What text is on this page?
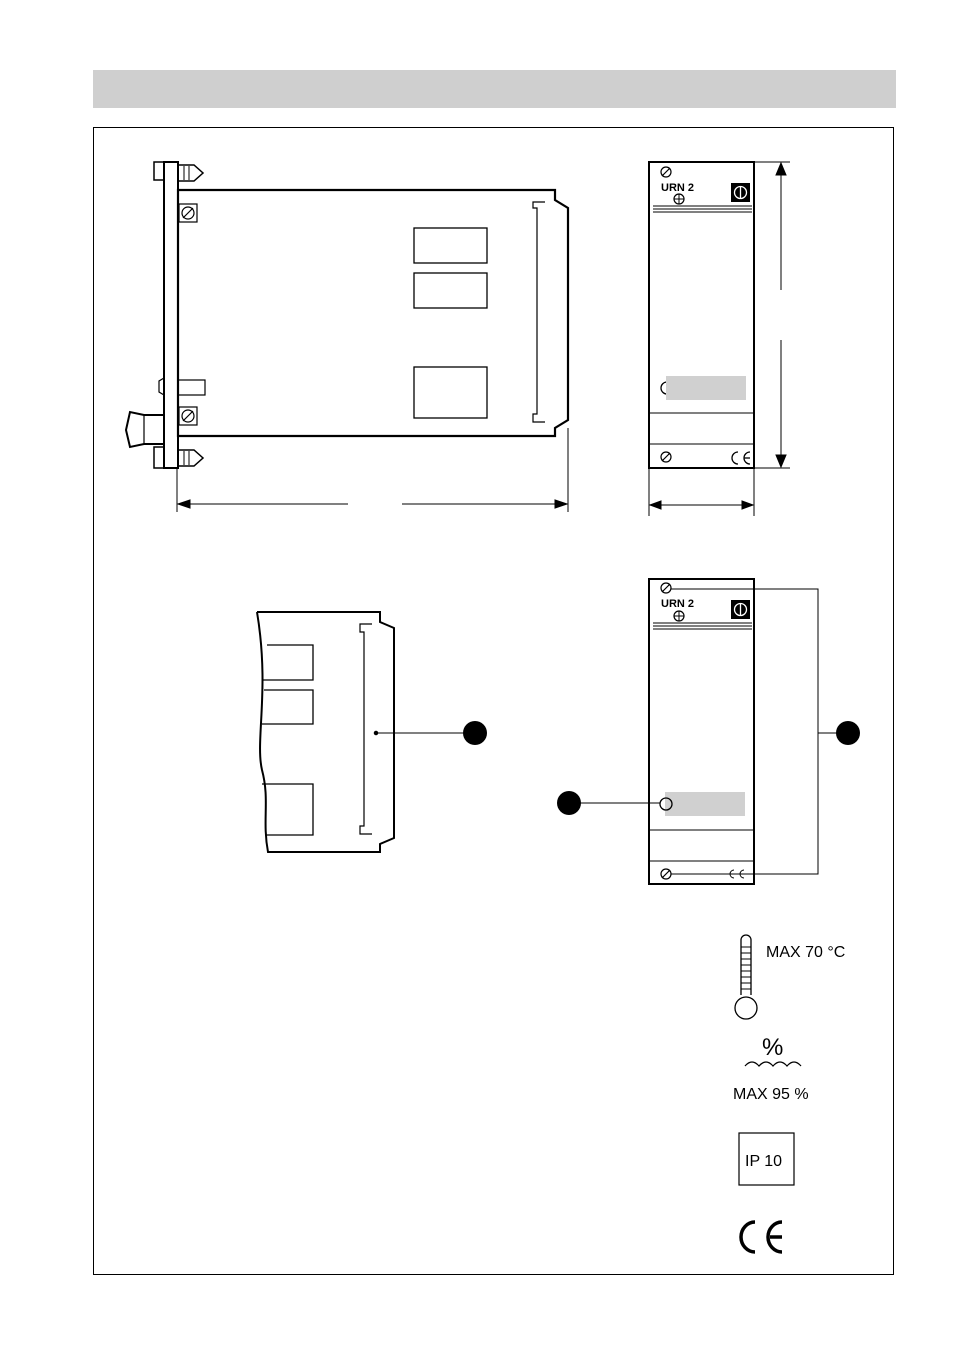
URN 2
URN 2
MAX 70 °C
%
MAX 95 %
IP 10
